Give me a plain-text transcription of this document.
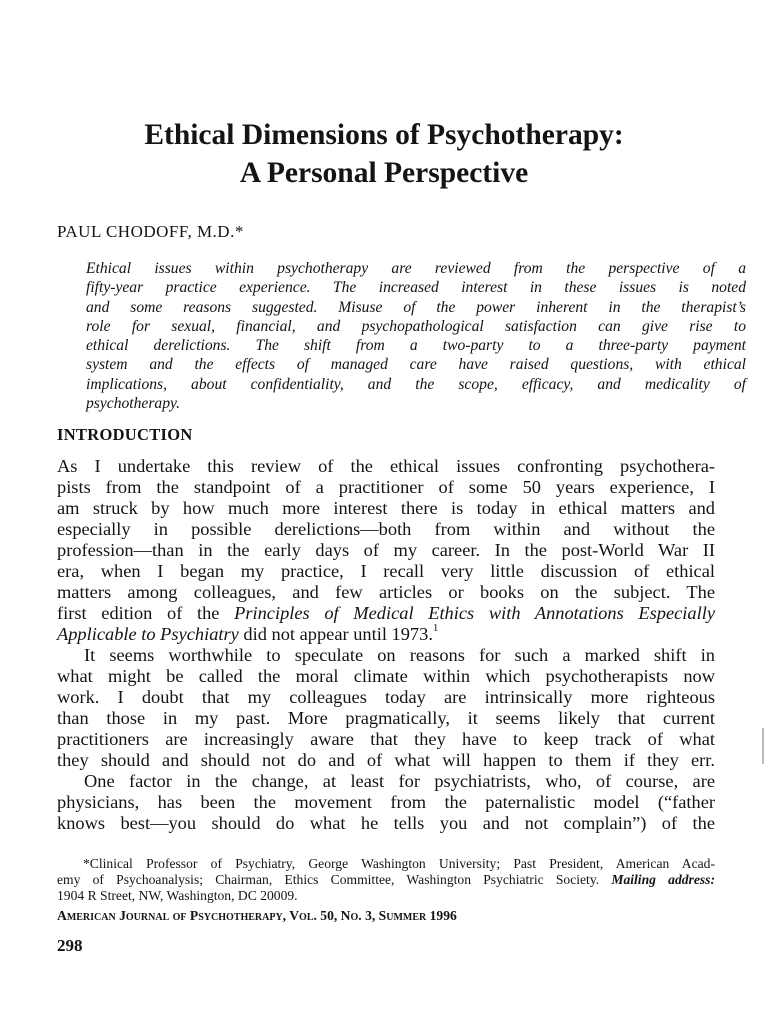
Ethical Dimensions of Psychotherapy:
A Personal Perspective

PAUL CHODOFF, M.D.*

Ethical issues within psychotherapy are reviewed from the perspective of a
fifty-year practice experience. The increased interest in these issues is noted
and some reasons suggested. Misuse of the power inherent in the therapist’s
role for sexual, financial, and psychopathological satisfaction can give rise to
ethical derelictions. The shift from a two-party to a three-party payment
system and the effects of managed care have raised questions, with ethical
implications, about confidentiality, and the scope, efficacy, and medicality of
psychotherapy.

INTRODUCTION
As I undertake this review of the ethical issues confronting psychothera-
pists from the standpoint of a practitioner of some 50 years experience, I
am struck by how much more interest there is today in ethical matters and
especially in possible derelictions—both from within and without the
profession—than in the early days of my career. In the post-World War II
era, when I began my practice, I recall very little discussion of ethical
matters among colleagues, and few articles or books on the subject. The
first edition of the Principles of Medical Ethics with Annotations Especially
Applicable to Psychiatry did not appear until 1973.$^1$
It seems worthwhile to speculate on reasons for such a marked shift in
what might be called the moral climate within which psychotherapists now
work. I doubt that my colleagues today are intrinsically more righteous
than those in my past. More pragmatically, it seems likely that current
practitioners are increasingly aware that they have to keep track of what
they should and should not do and of what will happen to them if they err.
One factor in the change, at least for psychiatrists, who, of course, are
physicians, has been the movement from the paternalistic model (“father
knows best—you should do what he tells you and not complain”) of the
*Clinical Professor of Psychiatry, George Washington University; Past President, American Acad-
emy of Psychoanalysis; Chairman, Ethics Committee, Washington Psychiatric Society. Mailing address:
1904 R Street, NW, Washington, DC 20009.

American Journal of Psychotherapy, Vol. 50, No. 3, Summer 1996

298
